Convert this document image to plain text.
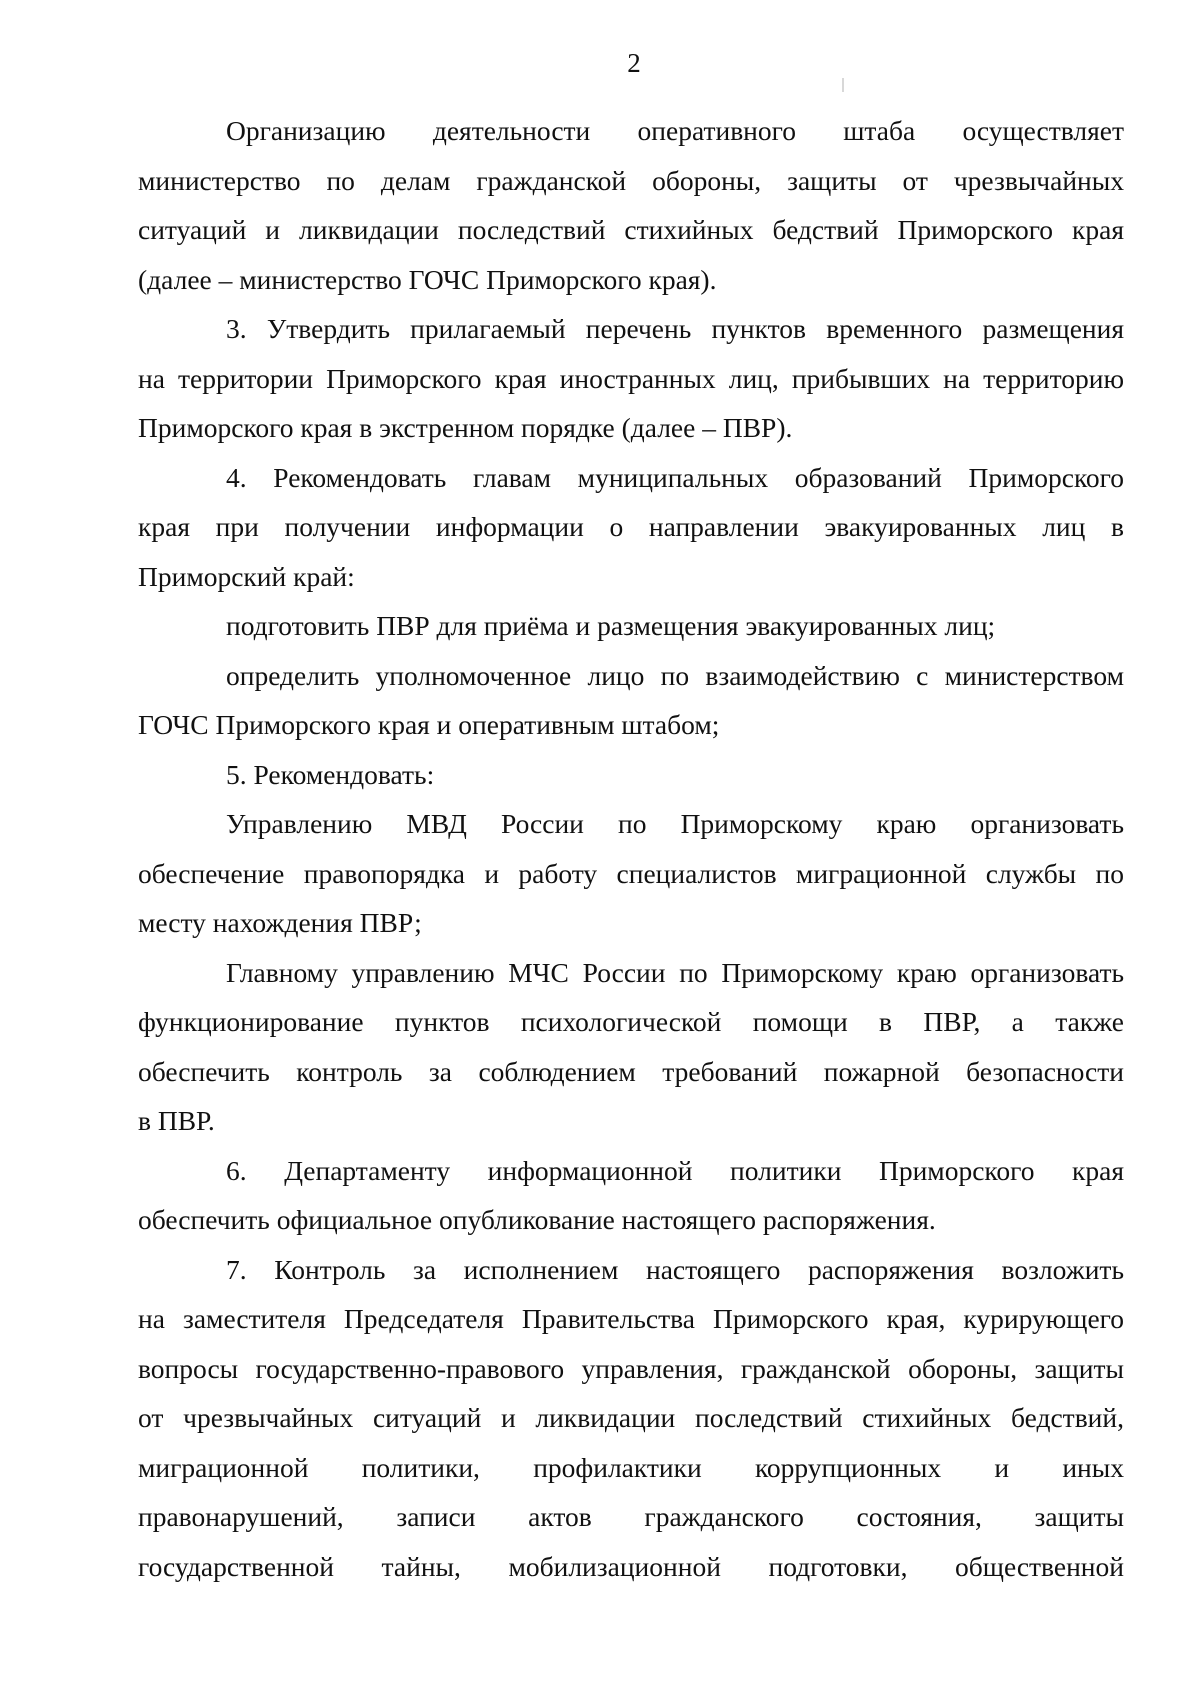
2
Организацию деятельности оперативного штаба осуществляет
министерство по делам гражданской обороны, защиты от чрезвычайных
ситуаций и ликвидации последствий стихийных бедствий Приморского края
(далее – министерство ГОЧС Приморского края).
3. Утвердить прилагаемый перечень пунктов временного размещения
на территории Приморского края иностранных лиц, прибывших на территорию
Приморского края в экстренном порядке (далее – ПВР).
4. Рекомендовать главам муниципальных образований Приморского
края при получении информации о направлении эвакуированных лиц в
Приморский край:
подготовить ПВР для приёма и размещения эвакуированных лиц;
определить уполномоченное лицо по взаимодействию с министерством
ГОЧС Приморского края и оперативным штабом;
5. Рекомендовать:
Управлению МВД России по Приморскому краю организовать
обеспечение правопорядка и работу специалистов миграционной службы по
месту нахождения ПВР;
Главному управлению МЧС России по Приморскому краю организовать
функционирование пунктов психологической помощи в ПВР, а также
обеспечить контроль за соблюдением требований пожарной безопасности
в ПВР.
6. Департаменту информационной политики Приморского края
обеспечить официальное опубликование настоящего распоряжения.
7. Контроль за исполнением настоящего распоряжения возложить
на заместителя Председателя Правительства Приморского края, курирующего
вопросы государственно-правового управления, гражданской обороны, защиты
от чрезвычайных ситуаций и ликвидации последствий стихийных бедствий,
миграционной политики, профилактики коррупционных и иных
правонарушений, записи актов гражданского состояния, защиты
государственной тайны, мобилизационной подготовки, общественной
